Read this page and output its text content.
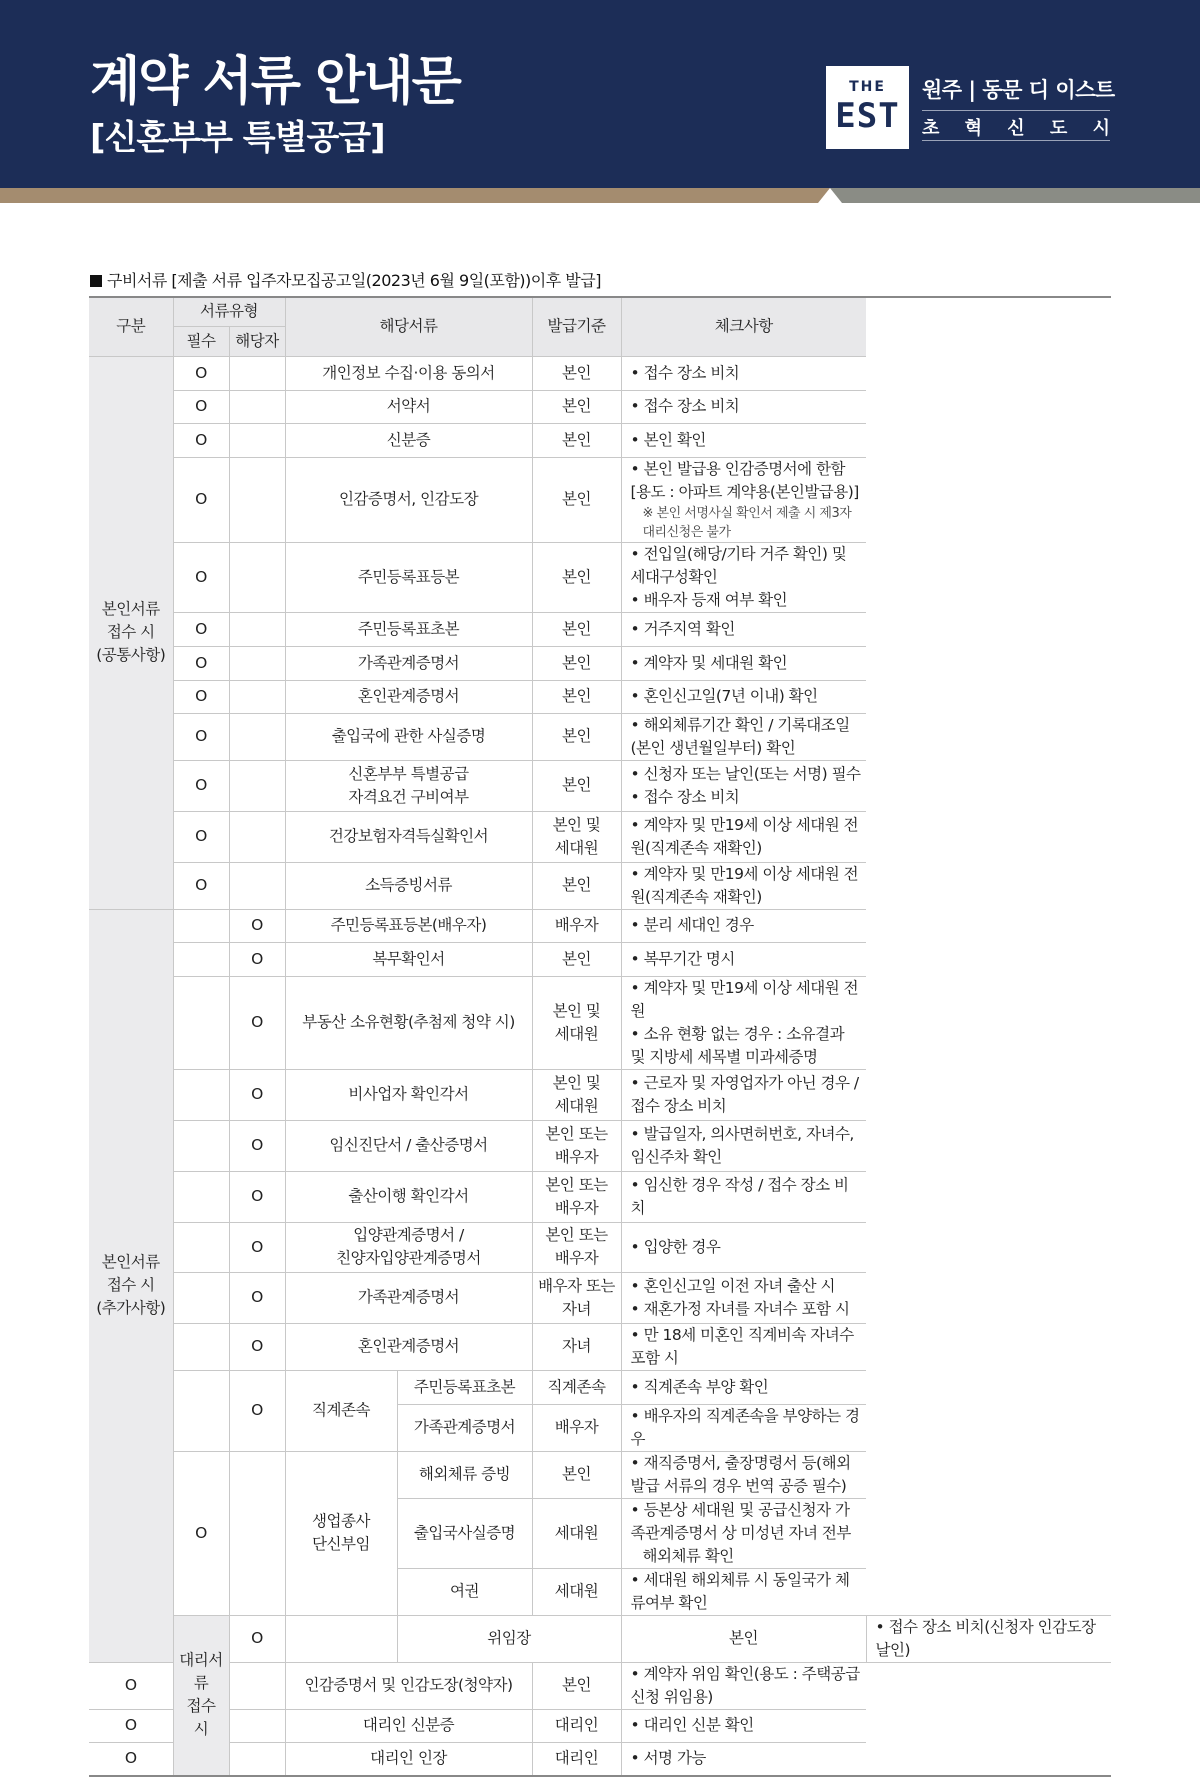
계약 서류 안내문
[신혼부부 특별공급]
THE
EST
원주 | 동문 디 이스트
초 혁 신 도 시
구비서류 [제출 서류 입주자모집공고일(2023년 6월 9일(포함))이후 발급]
구분	서류유형		해당서류		발급기준	체크사항	
	필수	해당자					

본인서류
접수 시
(공통사항)	O		개인정보 수집·이용 동의서		본인	• 접수 장소 비치	
	O		서약서		본인	• 접수 장소 비치	
	O		신분증		본인	• 본인 확인	
	O		인감증명서, 인감도장		본인	• 본인 발급용 인감증명서에 한함[용도 : 아파트 계약용(본인발급용)]
※ 본인 서명사실 확인서 제출 시 제3자 대리신청은 불가	

	O		주민등록표등본		본인	• 전입일(해당/기타 거주 확인) 및 세대구성확인
• 배우자 등재 여부 확인	

	O		주민등록표초본		본인	• 거주지역 확인	
	O		가족관계증명서		본인	• 계약자 및 세대원 확인	
	O		혼인관계증명서		본인	• 혼인신고일(7년 이내) 확인	
	O		출입국에 관한 사실증명		본인	• 해외체류기간 확인 / 기록대조일(본인 생년월일부터) 확인	
	O		신혼부부 특별공급
자격요건 구비여부		본인	• 신청자 또는 날인(또는 서명) 필수
• 접수 장소 비치	

	O		건강보험자격득실확인서		본인 및
세대원	• 계약자 및 만19세 이상 세대원 전원(직계존속 재확인)	
	O		소득증빙서류		본인	• 계약자 및 만19세 이상 세대원 전원(직계존속 재확인)	

본인서류
접수 시
(추가사항)		O	주민등록표등본(배우자)		배우자	• 분리 세대인 경우	
		O	복무확인서		본인	• 복무기간 명시	
		O	부동산 소유현황(추첨제 청약 시)		본인 및
세대원	• 계약자 및 만19세 이상 세대원 전원
• 소유 현황 없는 경우 : 소유결과 및 지방세 세목별 미과세증명	

		O	비사업자 확인각서		본인 및
세대원	• 근로자 및 자영업자가 아닌 경우 / 접수 장소 비치	
		O	임신진단서 / 출산증명서		본인 또는
배우자	• 발급일자, 의사면허번호, 자녀수, 임신주차 확인	
		O	출산이행 확인각서		본인 또는
배우자	• 임신한 경우 작성 / 접수 장소 비치	
		O	입양관계증명서 /
친양자입양관계증명서		본인 또는
배우자	• 입양한 경우	
		O	가족관계증명서		배우자 또는
자녀	• 혼인신고일 이전 자녀 출산 시
• 재혼가정 자녀를 자녀수 포함 시	

		O	혼인관계증명서		자녀	• 만 18세 미혼인 직계비속 자녀수 포함 시	
		O	직계존속	주민등록표초본	직계존속	• 직계존속 부양 확인	
				가족관계증명서	배우자	• 배우자의 직계존속을 부양하는 경우	
	O		생업종사
단신부임	해외체류 증빙	본인	• 재직증명서, 출장명령서 등(해외 발급 서류의 경우 번역 공증 필수)	
				출입국사실증명	세대원	• 등본상 세대원 및 공급신청자 가족관계증명서 상 미성년 자녀 전부
해외체류 확인	

				여권	세대원	• 세대원 해외체류 시 동일국가 체류여부 확인	

	대리서류
접수 시	O		위임장		본인	• 접수 장소 비치(신청자 인감도장 날인)
O			인감증명서 및 인감도장(청약자)		본인	• 계약자 위임 확인(용도 : 주택공급신청 위임용)	
O			대리인 신분증		대리인	• 대리인 신분 확인	
O			대리인 인장		대리인	• 서명 가능	
